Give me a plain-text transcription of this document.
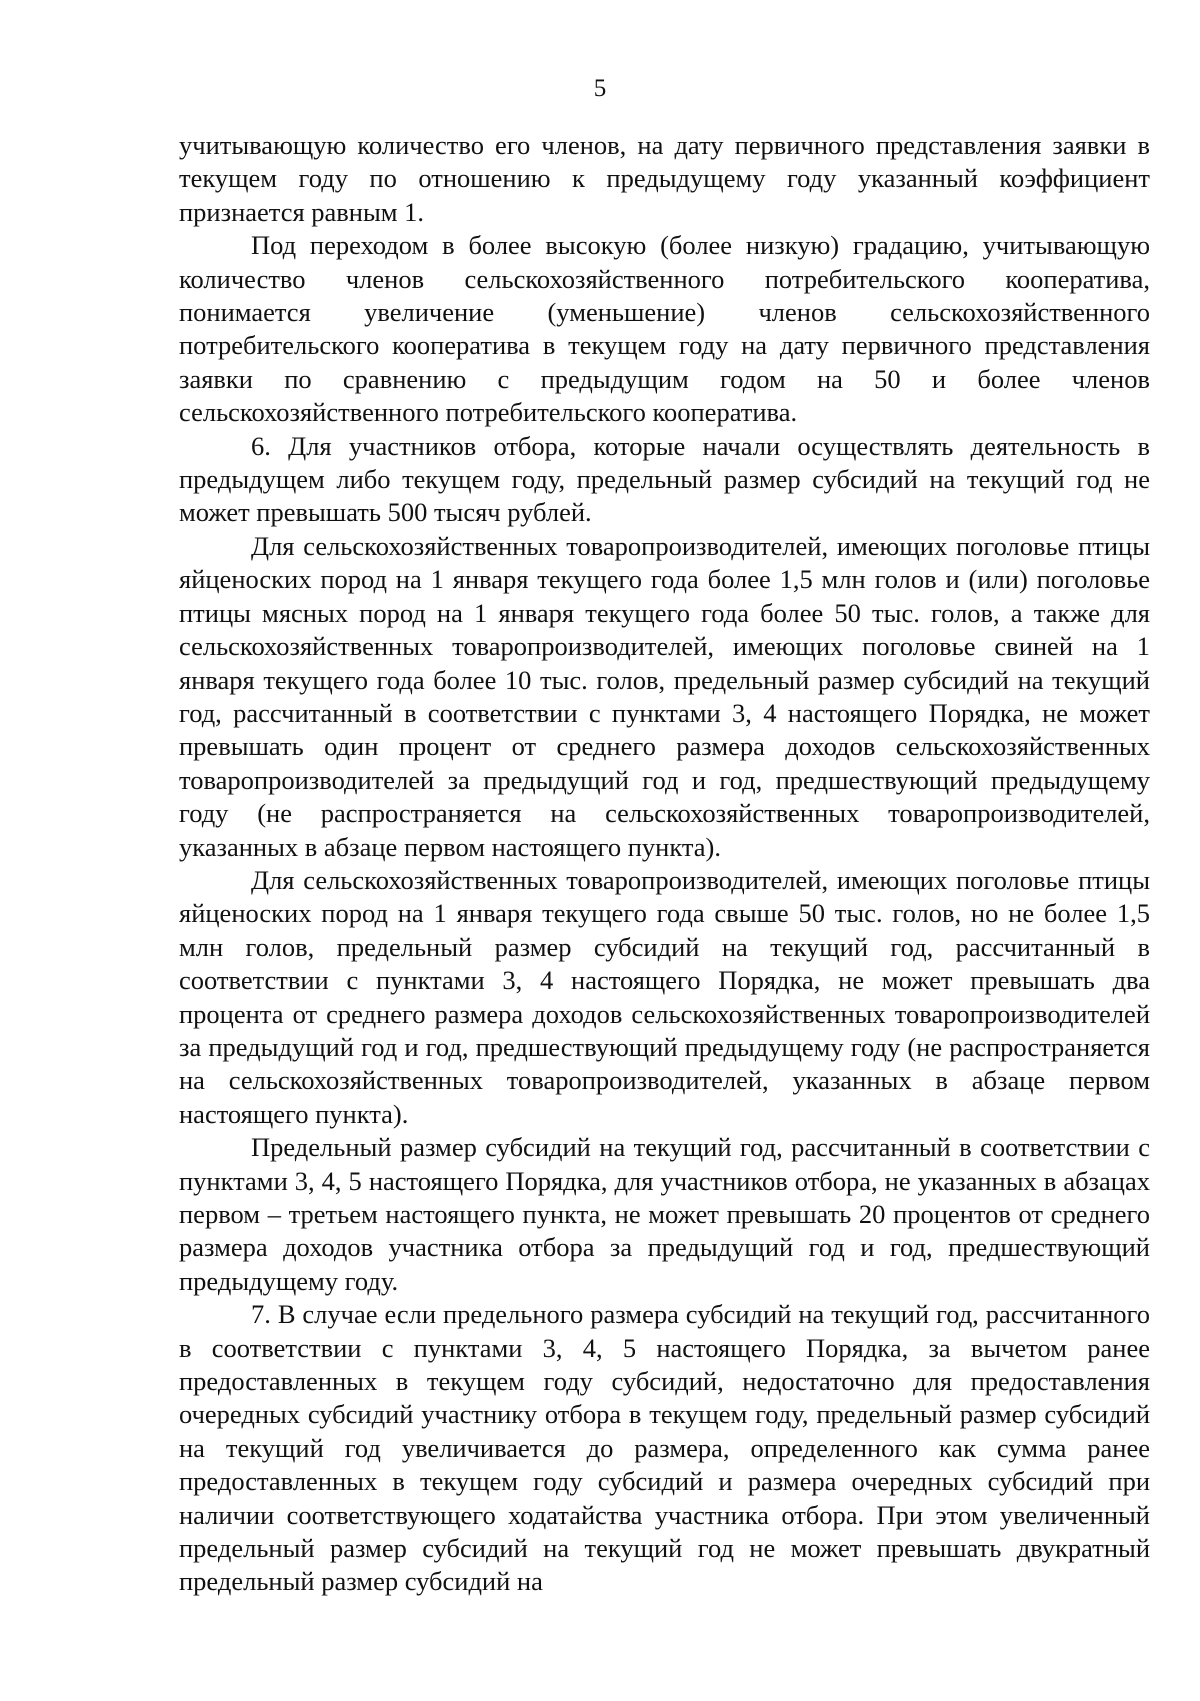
5

учитывающую количество его членов, на дату первичного представления заявки в текущем году по отношению к предыдущему году указанный коэффициент признается равным 1.

Под переходом в более высокую (более низкую) градацию, учитывающую количество членов сельскохозяйственного потребительского кооператива, понимается увеличение (уменьшение) членов сельскохозяйственного потребительского кооператива в текущем году на дату первичного представления заявки по сравнению с предыдущим годом на 50 и более членов сельскохозяйственного потребительского кооператива.

6. Для участников отбора, которые начали осуществлять деятельность в предыдущем либо текущем году, предельный размер субсидий на текущий год не может превышать 500 тысяч рублей.

Для сельскохозяйственных товаропроизводителей, имеющих поголовье птицы яйценоских пород на 1 января текущего года более 1,5 млн голов и (или) поголовье птицы мясных пород на 1 января текущего года более 50 тыс. голов, а также для сельскохозяйственных товаропроизводителей, имеющих поголовье свиней на 1 января текущего года более 10 тыс. голов, предельный размер субсидий на текущий год, рассчитанный в соответствии с пунктами 3, 4 настоящего Порядка, не может превышать один процент от среднего размера доходов сельскохозяйственных товаропроизводителей за предыдущий год и год, предшествующий предыдущему году (не распространяется на сельскохозяйственных товаропроизводителей, указанных в абзаце первом настоящего пункта).

Для сельскохозяйственных товаропроизводителей, имеющих поголовье птицы яйценоских пород на 1 января текущего года свыше 50 тыс. голов, но не более 1,5 млн голов, предельный размер субсидий на текущий год, рассчитанный в соответствии с пунктами 3, 4 настоящего Порядка, не может превышать два процента от среднего размера доходов сельскохозяйственных товаропроизводителей за предыдущий год и год, предшествующий предыдущему году (не распространяется на сельскохозяйственных товаропроизводителей, указанных в абзаце первом настоящего пункта).

Предельный размер субсидий на текущий год, рассчитанный в соответствии с пунктами 3, 4, 5 настоящего Порядка, для участников отбора, не указанных в абзацах первом – третьем настоящего пункта, не может превышать 20 процентов от среднего размера доходов участника отбора за предыдущий год и год, предшествующий предыдущему году.

7. В случае если предельного размера субсидий на текущий год, рассчитанного в соответствии с пунктами 3, 4, 5 настоящего Порядка, за вычетом ранее предоставленных в текущем году субсидий, недостаточно для предоставления очередных субсидий участнику отбора в текущем году, предельный размер субсидий на текущий год увеличивается до размера, определенного как сумма ранее предоставленных в текущем году субсидий и размера очередных субсидий при наличии соответствующего ходатайства участника отбора. При этом увеличенный предельный размер субсидий на текущий год не может превышать двукратный предельный размер субсидий на
